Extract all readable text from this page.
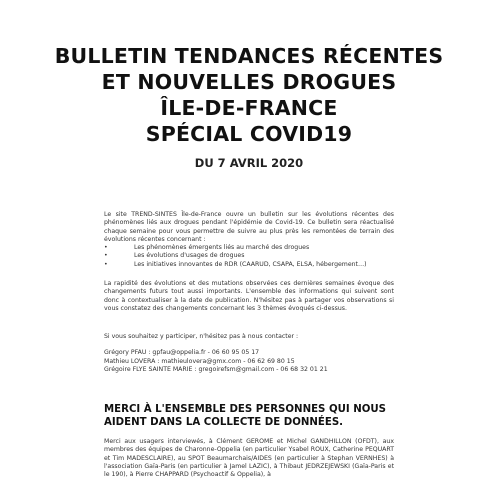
BULLETIN TENDANCES RÉCENTES
ET NOUVELLES DROGUES
ÎLE-DE-FRANCE
SPÉCIAL COVID19
DU 7 AVRIL 2020

Le site TREND-SINTES Île-de-France ouvre un bulletin sur les évolutions récentes des phénomènes liés aux drogues pendant l'épidémie de Covid-19. Ce bulletin sera réactualisé chaque semaine pour vous permettre de suivre au plus près les remontées de terrain des évolutions récentes concernant :

•	Les phénomènes émergents liés au marché des drogues
•	Les évolutions d'usages de drogues
•	Les initiatives innovantes de RDR (CAARUD, CSAPA, ELSA, hébergement…)

La rapidité des évolutions et des mutations observées ces dernières semaines évoque des changements futurs tout aussi importants. L'ensemble des informations qui suivent sont donc à contextualiser à la date de publication. N'hésitez pas à partager vos observations si vous constatez des changements concernant les 3 thèmes évoqués ci-dessus.

Si vous souhaitez y participer, n'hésitez pas à nous contacter :

Grégory PFAU : gpfau@oppelia.fr - 06 60 95 05 17
Mathieu LOVERA : mathieulovera@gmx.com - 06 62 69 80 15
Grégoire FLYE SAINTE MARIE : gregoirefsm@gmail.com - 06 68 32 01 21
MERCI À L'ENSEMBLE DES PERSONNES QUI NOUS AIDENT DANS LA COLLECTE DE DONNÉES.

Merci aux usagers interviewés, à Clément GEROME et Michel GANDHILLON (OFDT), aux membres des équipes de Charonne-Oppelia (en particulier Ysabel ROUX, Catherine PEQUART et Tim MADESCLAIRE), au SPOT Beaumarchais/AIDES (en particulier à Stephan VERNHES) à l'association Gaïa-Paris (en particulier à Jamel LAZIC), à Thibaut JEDRZEJEWSKI (Gaïa-Paris et le 190), à Pierre CHAPPARD (Psychoactif & Oppelia), à
